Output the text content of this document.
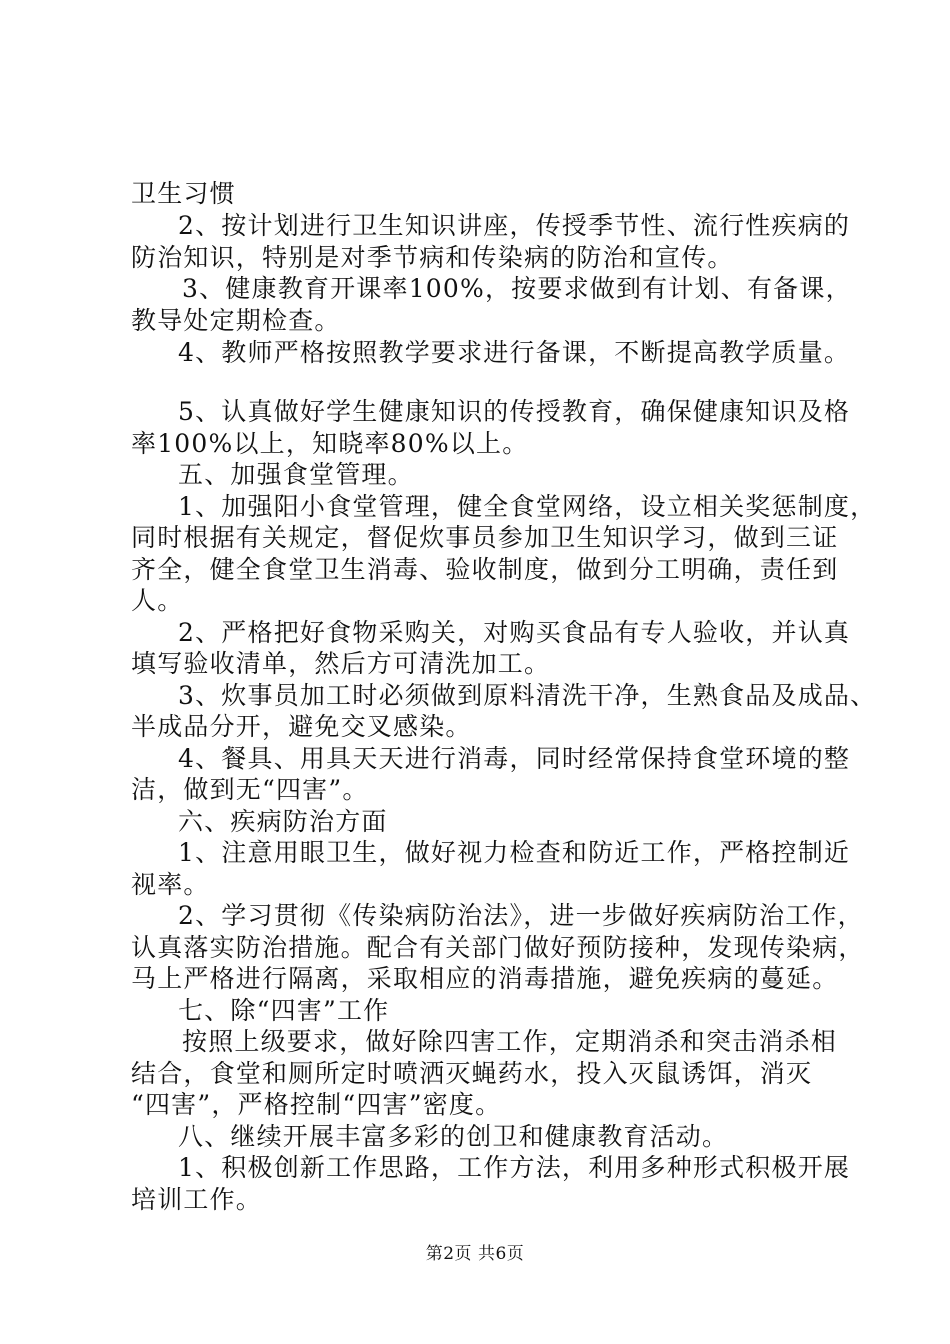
卫生习惯
2、按计划进行卫生知识讲座，传授季节性、流行性疾病的
防治知识，特别是对季节病和传染病的防治和宣传。
3、健康教育开课率100%，按要求做到有计划、有备课，
教导处定期检查。
4、教师严格按照教学要求进行备课，不断提高教学质量。
5、认真做好学生健康知识的传授教育，确保健康知识及格
率100%以上，知晓率80%以上。
五、加强食堂管理。
1、加强阳小食堂管理，健全食堂网络，设立相关奖惩制度，
同时根据有关规定，督促炊事员参加卫生知识学习，做到三证
齐全，健全食堂卫生消毒、验收制度，做到分工明确，责任到
人。
2、严格把好食物采购关，对购买食品有专人验收，并认真
填写验收清单，然后方可清洗加工。
3、炊事员加工时必须做到原料清洗干净，生熟食品及成品、
半成品分开，避免交叉感染。
4、餐具、用具天天进行消毒，同时经常保持食堂环境的整
洁，做到无“四害”。
六、疾病防治方面
1、注意用眼卫生，做好视力检查和防近工作，严格控制近
视率。
2、学习贯彻《传染病防治法》，进一步做好疾病防治工作，
认真落实防治措施。配合有关部门做好预防接种，发现传染病，
马上严格进行隔离，采取相应的消毒措施，避免疾病的蔓延。
七、除“四害”工作
按照上级要求，做好除四害工作，定期消杀和突击消杀相
结合，食堂和厕所定时喷洒灭蝇药水，投入灭鼠诱饵，消灭
“四害”，严格控制“四害”密度。
八、继续开展丰富多彩的创卫和健康教育活动。
1、积极创新工作思路，工作方法，利用多种形式积极开展
培训工作。
第2页 共6页
